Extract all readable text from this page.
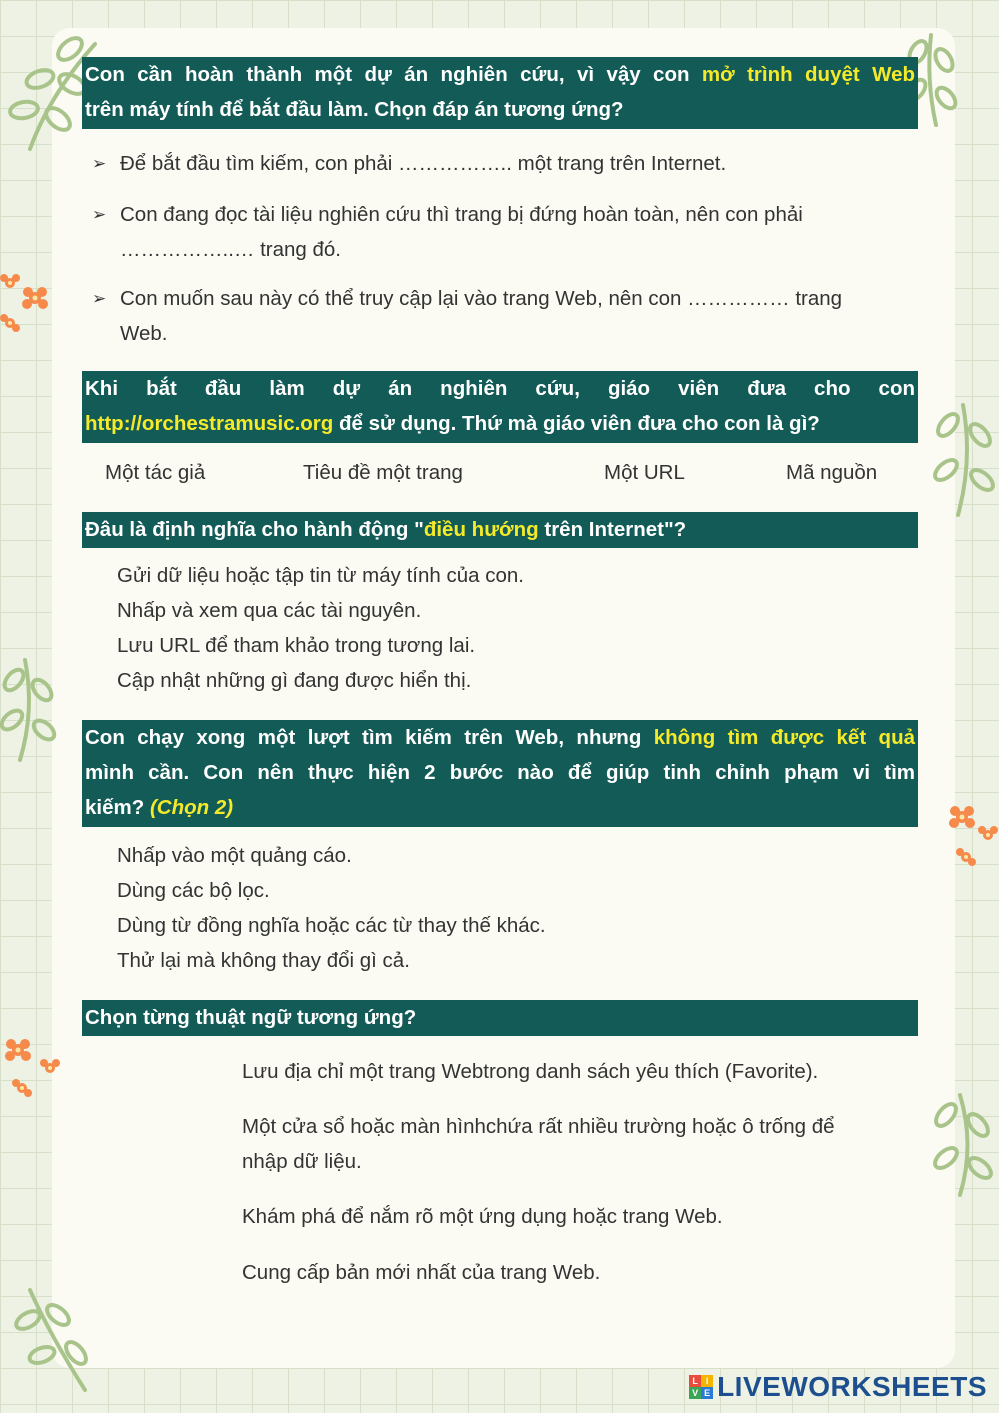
Con cần hoàn thành một dự án nghiên cứu, vì vậy con mở trình duyệt Web
trên máy tính để bắt đầu làm. Chọn đáp án tương ứng?
➢ Để bắt đầu tìm kiếm, con phải …………….. một trang trên Internet.
➢ Con đang đọc tài liệu nghiên cứu thì trang bị đứng hoàn toàn, nên con phải
……………..… trang đó.
➢ Con muốn sau này có thể truy cập lại vào trang Web, nên con …………… trang
Web.
Khi bắt đầu làm dự án nghiên cứu, giáo viên đưa cho con
http://orchestramusic.org để sử dụng. Thứ mà giáo viên đưa cho con là gì?
Một tác giả	Tiêu đề một trang	Một URL	Mã nguồn
Đâu là định nghĩa cho hành động "điều hướng trên Internet"?
Gửi dữ liệu hoặc tập tin từ máy tính của con.
Nhấp và xem qua các tài nguyên.
Lưu URL để tham khảo trong tương lai.
Cập nhật những gì đang được hiển thị.
Con chạy xong một lượt tìm kiếm trên Web, nhưng không tìm được kết quả
mình cần. Con nên thực hiện 2 bước nào để giúp tinh chỉnh phạm vi tìm
kiếm? (Chọn 2)
Nhấp vào một quảng cáo.
Dùng các bộ lọc.
Dùng từ đồng nghĩa hoặc các từ thay thế khác.
Thử lại mà không thay đổi gì cả.
Chọn từng thuật ngữ tương ứng?
Lưu địa chỉ một trang Webtrong danh sách yêu thích (Favorite).
Một cửa sổ hoặc màn hìnhchứa rất nhiều trường hoặc ô trống để
nhập dữ liệu.
Khám phá để nắm rõ một ứng dụng hoặc trang Web.
Cung cấp bản mới nhất của trang Web.
L I
V E LIVEWORKSHEETS
